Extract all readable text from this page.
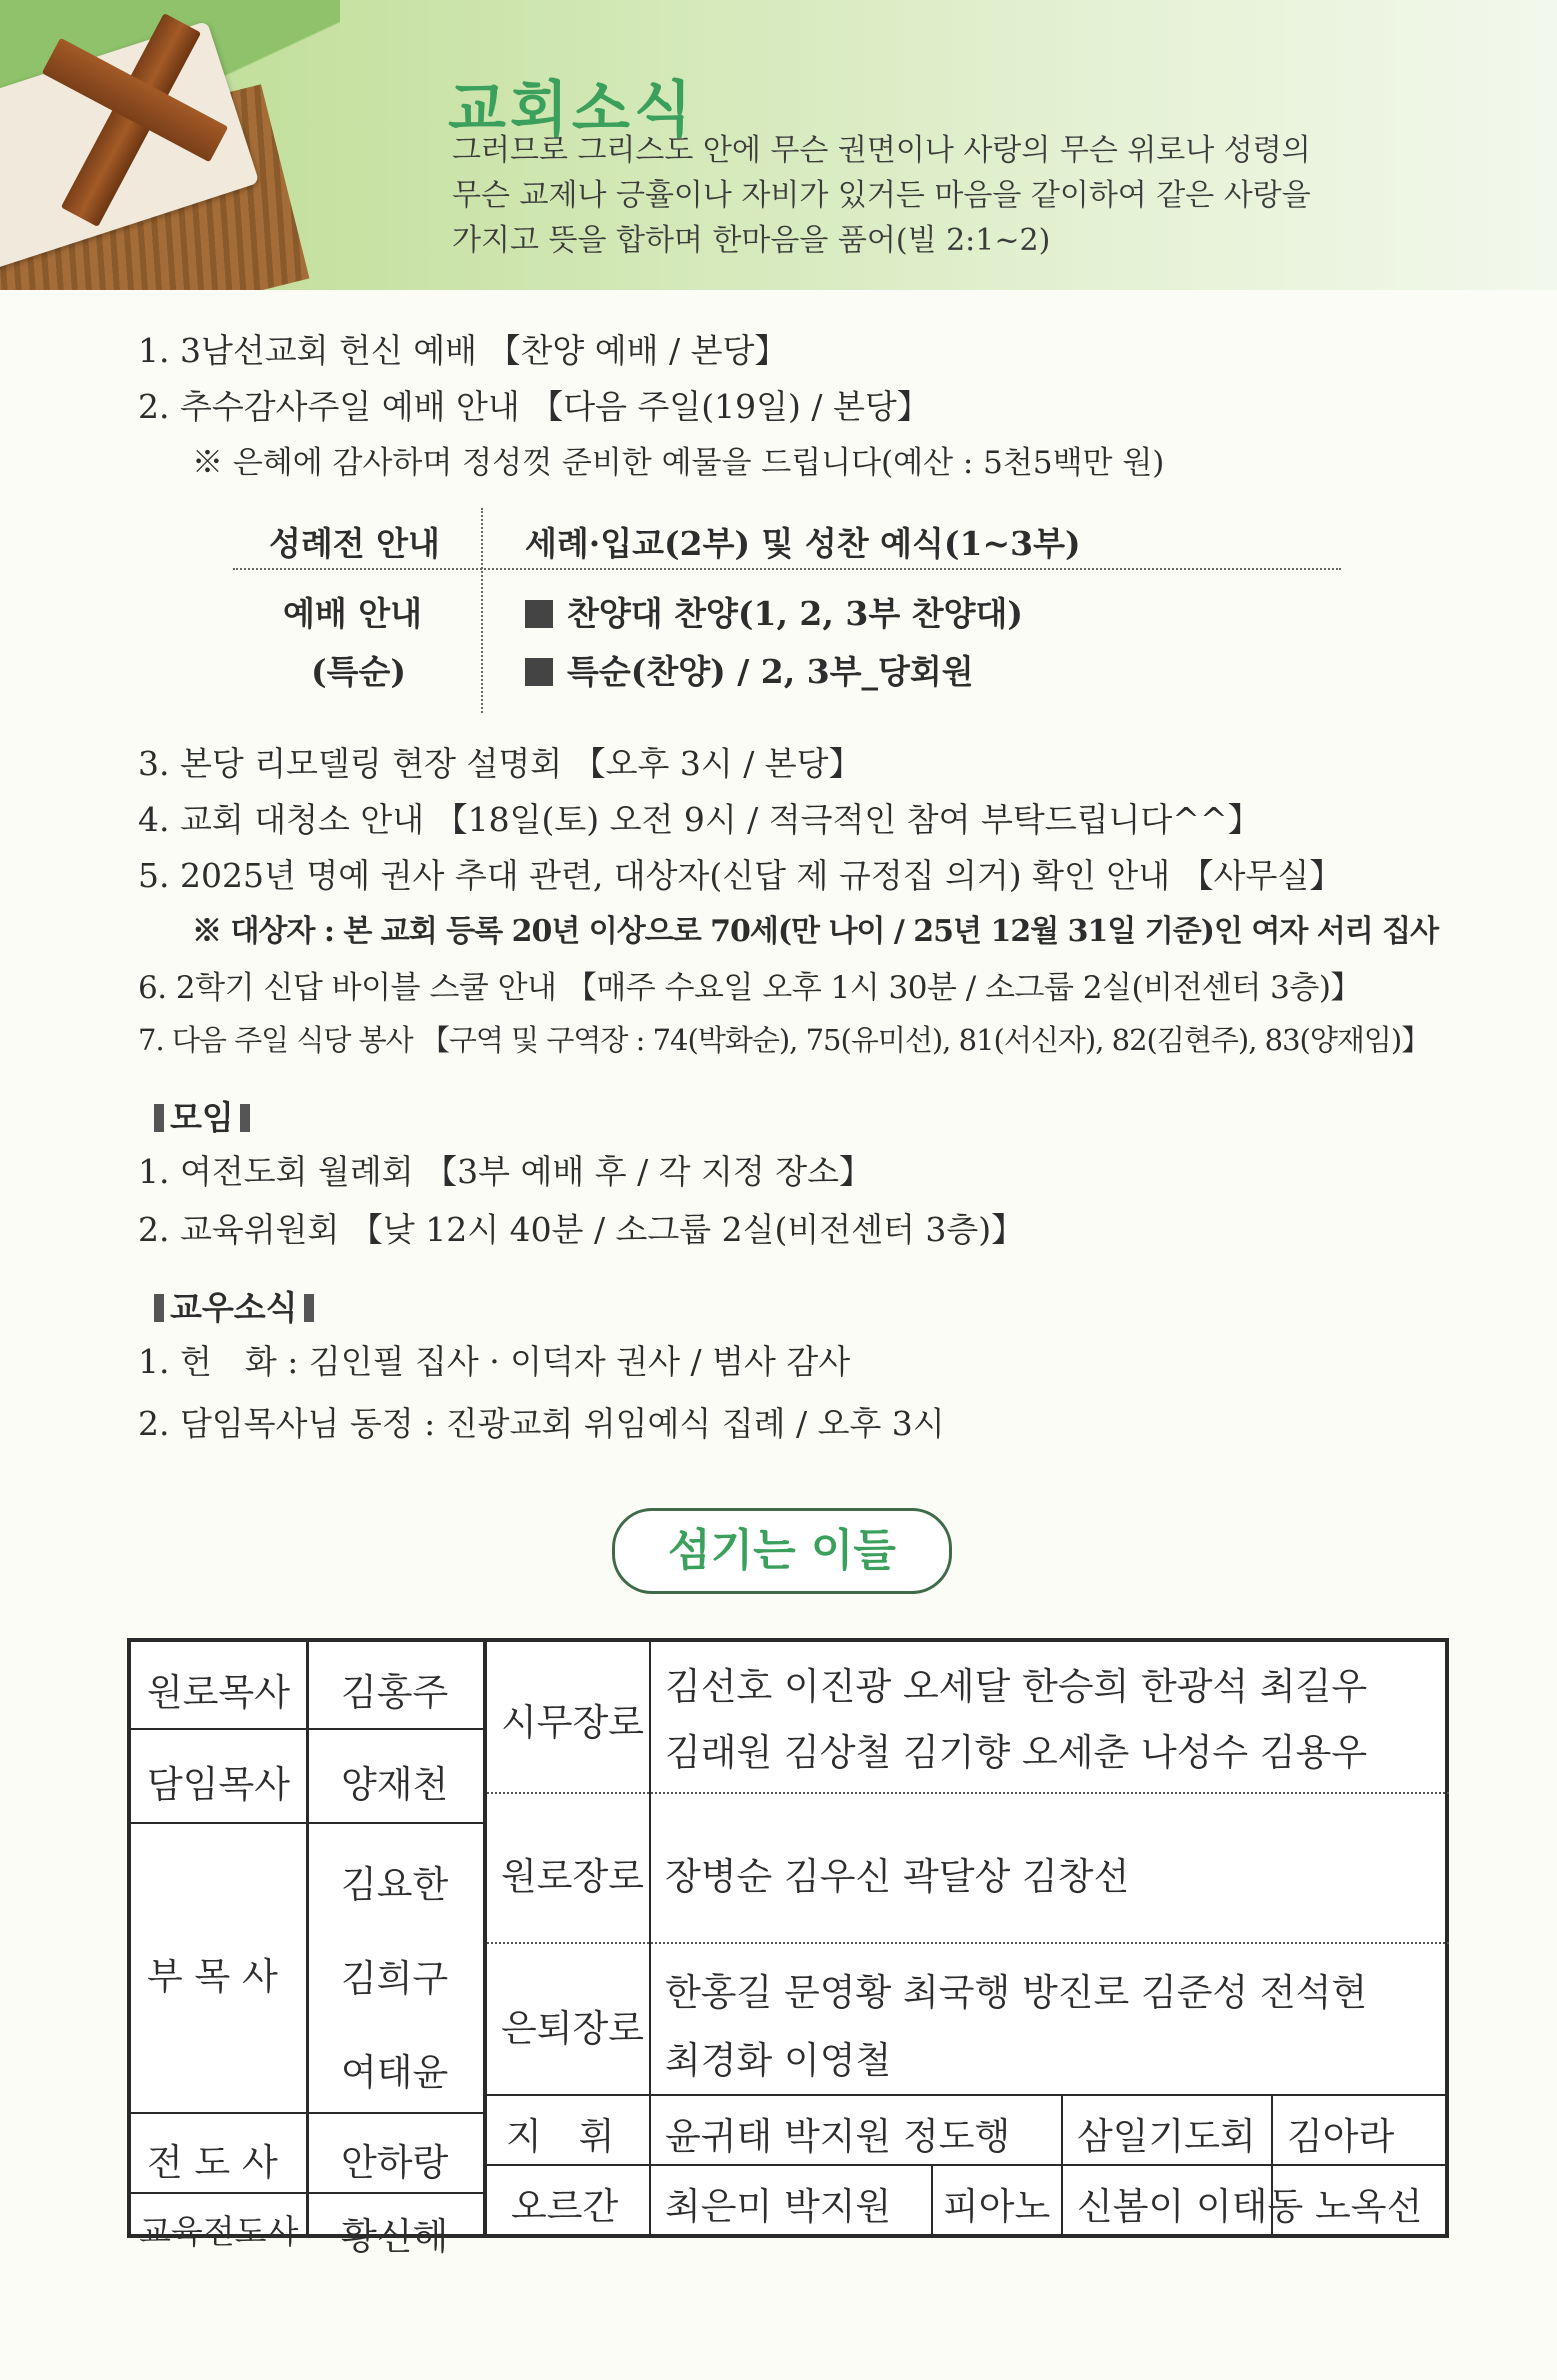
교회소식
그러므로 그리스도 안에 무슨 권면이나 사랑의 무슨 위로나 성령의
무슨 교제나 긍휼이나 자비가 있거든 마음을 같이하여 같은 사랑을
가지고 뜻을 합하며 한마음을 품어(빌 2:1~2)
1. 3남선교회 헌신 예배 【찬양 예배 / 본당】
2. 추수감사주일 예배 안내 【다음 주일(19일) / 본당】
※ 은혜에 감사하며 정성껏 준비한 예물을 드립니다(예산 : 5천5백만 원)
성례전 안내	세례·입교(2부) 및 성찬 예식(1~3부)
예배 안내
(특순)
찬양대 찬양(1, 2, 3부 찬양대)
특순(찬양) / 2, 3부_당회원
3. 본당 리모델링 현장 설명회 【오후 3시 / 본당】
4. 교회 대청소 안내 【18일(토) 오전 9시 / 적극적인 참여 부탁드립니다^^】
5. 2025년 명예 권사 추대 관련, 대상자(신답 제 규정집 의거) 확인 안내 【사무실】
※ 대상자 : 본 교회 등록 20년 이상으로 70세(만 나이 / 25년 12월 31일 기준)인 여자 서리 집사
6. 2학기 신답 바이블 스쿨 안내 【매주 수요일 오후 1시 30분 / 소그룹 2실(비전센터 3층)】
7. 다음 주일 식당 봉사 【구역 및 구역장 : 74(박화순), 75(유미선), 81(서신자), 82(김현주), 83(양재임)】
모임
1. 여전도회 월례회 【3부 예배 후 / 각 지정 장소】
2. 교육위원회 【낮 12시 40분 / 소그룹 2실(비전센터 3층)】
교우소식
1. 헌　화 : 김인필 집사 · 이덕자 권사 / 범사 감사
2. 담임목사님 동정 : 진광교회 위임예식 집례 / 오후 3시
섬기는 이들
원로목사 김홍주
담임목사 양재천
부 목 사
김요한
김희구
여태윤
전 도 사 안하랑
교육전도사 황신해
시무장로
김선호 이진광 오세달 한승희 한광석 최길우
김래원 김상철 김기향 오세춘 나성수 김용우
원로장로 장병순 김우신 곽달상 김창선
은퇴장로
한홍길 문영황 최국행 방진로 김준성 전석현
최경화 이영철
지　휘 윤귀태 박지원 정도행 삼일기도회 김아라
오르간 최은미 박지원 피아노 신봄이 이태동 노옥선
